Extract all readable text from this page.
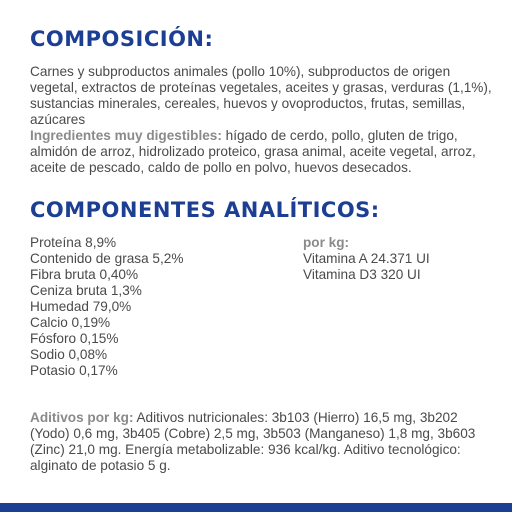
COMPOSICIÓN:

Carnes y subproductos animales (pollo 10%), subproductos de origen vegetal, extractos de proteínas vegetales, aceites y grasas, verduras (1,1%), sustancias minerales, cereales, huevos y ovoproductos, frutas, semillas, azúcares
Ingredientes muy digestibles: hígado de cerdo, pollo, gluten de trigo, almidón de arroz, hidrolizado proteico, grasa animal, aceite vegetal, arroz, aceite de pescado, caldo de pollo en polvo, huevos desecados.

COMPONENTES ANALÍTICOS:
Proteína 8,9%
Contenido de grasa 5,2%
Fibra bruta 0,40%
Ceniza bruta 1,3%
Humedad 79,0%
Calcio 0,19%
Fósforo 0,15%
Sodio 0,08%
Potasio 0,17%
por kg:
Vitamina A 24.371 UI
Vitamina D3 320 UI

Aditivos por kg: Aditivos nutricionales: 3b103 (Hierro) 16,5 mg, 3b202 (Yodo) 0,6 mg, 3b405 (Cobre) 2,5 mg, 3b503 (Manganeso) 1,8 mg, 3b603 (Zinc) 21,0 mg. Energía metabolizable: 936 kcal/kg. Aditivo tecnológico: alginato de potasio 5 g.
